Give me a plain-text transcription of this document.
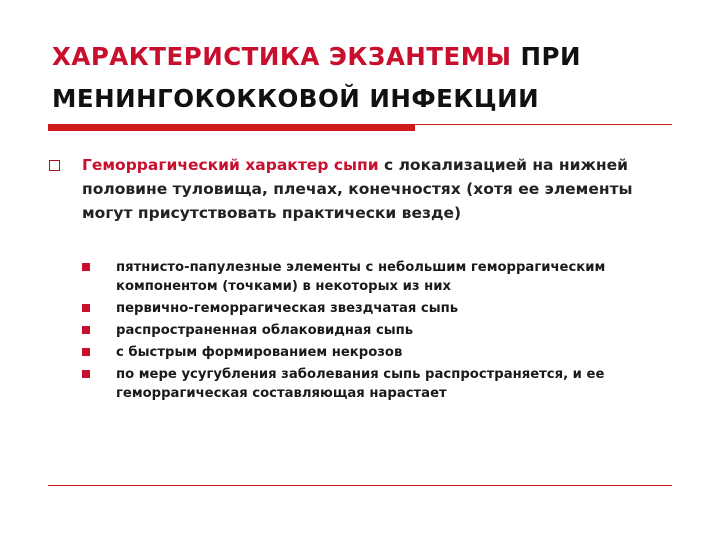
ХАРАКТЕРИСТИКА ЭКЗАНТЕМЫ ПРИ
МЕНИНГОКОККОВОЙ ИНФЕКЦИИ
Геморрагический характер сыпи с локализацией на нижней половине туловища, плечах, конечностях (хотя ее элементы могут присутствовать практически везде)
пятнисто-папулезные элементы с небольшим геморрагическим компонентом (точками) в некоторых из них
первично-геморрагическая звездчатая сыпь
распространенная облаковидная сыпь
с быстрым формированием некрозов
по мере усугубления заболевания сыпь распространяется, и ее геморрагическая составляющая нарастает
